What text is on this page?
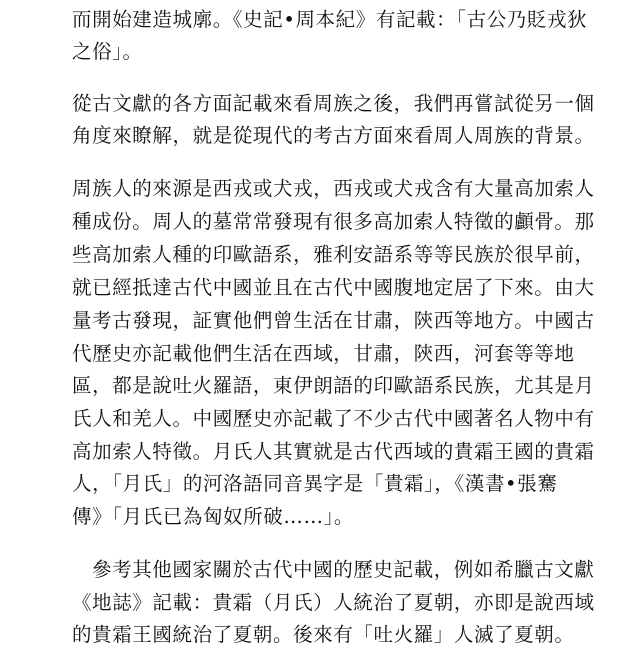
而開始建造城廓。《史記•周本紀》有記載：「古公乃貶戎狄
之俗」。
從古文獻的各方面記載來看周族之後，我們再嘗試從另一個
角度來瞭解，就是從現代的考古方面來看周人周族的背景。
周族人的來源是西戎或犬戎，西戎或犬戎含有大量高加索人
種成份。周人的墓常常發現有很多高加索人特徵的顱骨。那
些高加索人種的印歐語系，雅利安語系等等民族於很早前，
就已經抵達古代中國並且在古代中國腹地定居了下來。由大
量考古發現，証實他們曾生活在甘肅，陝西等地方。中國古
代歷史亦記載他們生活在西域，甘肅，陝西，河套等等地
區，都是說吐火羅語，東伊朗語的印歐語系民族，尤其是月
氏人和羌人。中國歷史亦記載了不少古代中國著名人物中有
高加索人特徵。月氏人其實就是古代西域的貴霜王國的貴霜
人，「月氏」的河洛語同音異字是「貴霜」，《漢書•張騫
傳》「月氏已為匈奴所破……」。
參考其他國家關於古代中國的歷史記載，例如希臘古文獻
《地誌》記載：貴霜（月氏）人統治了夏朝，亦即是說西域
的貴霜王國統治了夏朝。後來有「吐火羅」人滅了夏朝。
